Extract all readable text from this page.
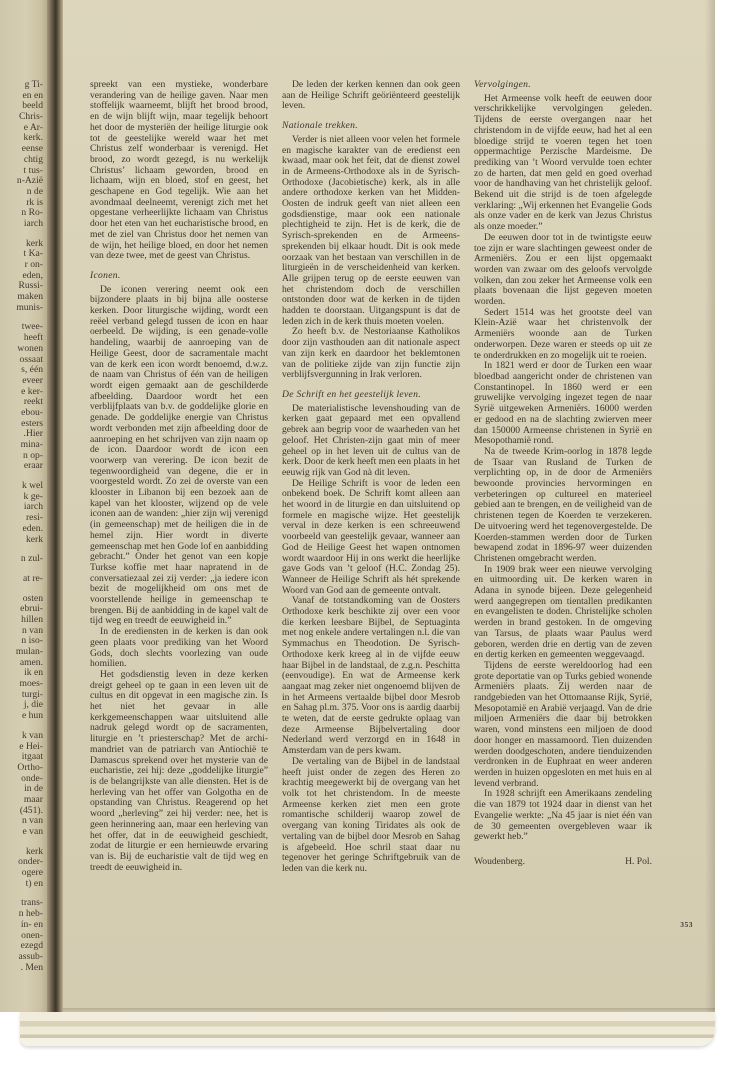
g Ti-
en en
beeld
Chris-
e Ar-
kerk.
eense
chtig
t tus-
n-Azië
n de
rk is
n Ro-
iarch
kerk
t Ka-
r on-
eden,
Russi-
maken
munis-
twee-
heeft
wonen
ossaat
s, één
eveer
e ker-
reekt
ebou-
esters
.Hier
mina-
n op-
eraar
k wel
k ge-
iarch
resi-
eden.
kerk
n zul-
at re-
osten
ebrui-
hillen
n van
n iso-
mulan-
amen.
ik en
moes-
turgi-
j, die
e hun
k van
e Hei-
itgaat
Ortho-
onde-
in de
maar
(451).
n van
e van
kerk
onder-
ogere
t) en
trans-
n heb-
ín- en
onen-
ezegd
assub-
. Men

spreekt van een mystieke, wonderbare verandering van de heilige gaven. Naar men stoffelijk waarneemt, blijft het brood brood, en de wijn blijft wijn, maar tegelijk behoort het door de mysteriën der heilige liturgie ook tot de geestelijke wereld waar het met Christus zelf wonderbaar is verenigd. Het brood, zo wordt gezegd, is nu werkelijk Christus’ lichaam geworden, brood en lichaam, wijn en bloed, stof en geest, het geschapene en God tegelijk. Wie aan het avondmaal deelneemt, verenigt zich met het opgestane verheerlijkte lichaam van Christus door het eten van het eucharistische brood, en met de ziel van Christus door het nemen van de wijn, het heilige bloed, en door het nemen van deze twee, met de geest van Christus.

Iconen.

De iconen verering neemt ook een bijzondere plaats in bij bijna alle oosterse kerken. Door liturgische wijding, wordt een reëel verband gelegd tussen de icon en haar oerbeeld. De wijding, is een genade-volle handeling, waarbij de aanroeping van de Heilige Geest, door de sacramentale macht van de kerk een icon wordt benoemd, d.w.z. de naam van Christus of één van de heiligen wordt eigen gemaakt aan de geschilderde afbeelding. Daardoor wordt het een verblijfplaats van b.v. de goddelijke glorie en genade. De goddelijke energie van Christus wordt verbonden met zijn afbeelding door de aanroeping en het schrijven van zijn naam op de icon. Daardoor wordt de icon een voorwerp van verering. De icon bezit de tegenwoordigheid van degene, die er in voorgesteld wordt. Zo zei de overste van een klooster in Libanon bij een bezoek aan de kapel van het klooster, wijzend op de vele iconen aan de wanden: „hier zijn wij verenigd (in gemeenschap) met de heiligen die in de hemel zijn. Hier wordt in diverte gemeenschap met hen Gode lof en aanbidding gebracht.” Onder het genot van een kopje Turkse koffie met haar napratend in de conversatiezaal zei zij verder: „ja iedere icon bezit de mogelijkheid om ons met de voorstellende heilige in gemeenschap te brengen. Bij de aanbidding in de kapel valt de tijd weg en treedt de eeuwigheid in.”

In de erediensten in de kerken is dan ook geen plaats voor prediking van het Woord Gods, doch slechts voorlezing van oude homilien.

Het godsdienstig leven in deze kerken dreigt geheel op te gaan in een leven uit de cultus en dit opgevat in een magische zin. Is het niet het gevaar in alle kerkgemeenschappen waar uitsluitend alle nadruk gelegd wordt op de sacramenten, liturgie en ’t priesterschap? Met de archi-mandriet van de patriarch van Antiochië te Damascus sprekend over het mysterie van de eucharistie, zei hij: deze „goddelijke liturgie” is de belangrijkste van alle diensten. Het is de herleving van het offer van Golgotha en de opstanding van Christus. Reagerend op het woord „herleving” zei hij verder: nee, het is geen herinnering aan, maar een herleving van het offer, dat in de eeuwigheid geschiedt, zodat de liturgie er een hernieuwde ervaring van is. Bij de eucharistie valt de tijd weg en treedt de eeuwigheid in.

De leden der kerken kennen dan ook geen aan de Heilige Schrift geöriënteerd geestelijk leven.

Nationale trekken.

Verder is niet alleen voor velen het formele en magische karakter van de eredienst een kwaad, maar ook het feit, dat de dienst zowel in de Armeens-Orthodoxe als in de Syrisch-Orthodoxe (Jacobietische) kerk, als in alle andere orthodoxe kerken van het Midden-Oosten de indruk geeft van niet alleen een godsdienstige, maar ook een nationale plechtigheid te zijn. Het is de kerk, die de Syrisch-sprekenden en de Armeens-sprekenden bij elkaar houdt. Dit is ook mede oorzaak van het bestaan van verschillen in de liturgieën in de verscheidenheid van kerken. Alle grijpen terug op de eerste eeuwen van het christendom doch de verschillen ontstonden door wat de kerken in de tijden hadden te doorstaan. Uitgangspunt is dat de leden zich in de kerk thuis moeten voelen.

Zo heeft b.v. de Nestoriaanse Katholikos door zijn vasthouden aan dit nationale aspect van zijn kerk en daardoor het beklemtonen van de politieke zijde van zijn functie zijn verblijfsvergunning in Irak verloren.

De Schrift en het geestelijk leven.

De materialistische levenshouding van de kerken gaat gepaard met een opvallend gebrek aan begrip voor de waarheden van het geloof. Het Christen-zijn gaat min of meer geheel op in het leven uit de cultus van de kerk. Door de kerk heeft men een plaats in het eeuwig rijk van God nà dit leven.

De Heilige Schrift is voor de leden een onbekend boek. De Schrift komt alleen aan het woord in de liturgie en dan uitsluitend op formele en magische wijze. Het geestelijk verval in deze kerken is een schreeuwend voorbeeld van geestelijk gevaar, wanneer aan God de Heilige Geest het wapen ontnomen wordt waardoor Hij in ons werkt die heerlijke gave Gods van ’t geloof (H.C. Zondag 25). Wanneer de Heilige Schrift als hét sprekende Woord van God aan de gemeente ontvalt.

Vanaf de totstandkoming van de Oosters Orthodoxe kerk beschikte zij over een voor die kerken leesbare Bijbel, de Septuaginta met nog enkele andere vertalingen n.l. die van Symmachus en Theodotion. De Syrisch-Orthodoxe kerk kreeg al in de vijfde eeuw haar Bijbel in de landstaal, de z.g.n. Peschitta (eenvoudige). En wat de Armeense kerk aangaat mag zeker niet ongenoemd blijven de in het Armeens vertaalde bijbel door Mesrob en Sahag pl.m. 375. Voor ons is aardig daarbij te weten, dat de eerste gedrukte oplaag van deze Armeense Bijbelvertaling door Nederland werd verzorgd en in 1648 in Amsterdam van de pers kwam.

De vertaling van de Bijbel in de landstaal heeft juist onder de zegen des Heren zo krachtig meegewerkt bij de overgang van het volk tot het christendom. In de meeste Armeense kerken ziet men een grote romantische schilderij waarop zowel de overgang van koning Tiridates als ook de vertaling van de bijbel door Mesrob en Sahag is afgebeeld. Hoe schril staat daar nu tegenover het geringe Schriftgebruik van de leden van die kerk nu.

Vervolgingen.

Het Armeense volk heeft de eeuwen door verschrikkelijke vervolgingen geleden. Tijdens de eerste overgangen naar het christendom in de vijfde eeuw, had het al een bloedige strijd te voeren tegen het toen oppermachtige Perzische Mardeisme. De prediking van ’t Woord vervulde toen echter zo de harten, dat men geld en goed overhad voor de handhaving van het christelijk geloof. Bekend uit die strijd is de toen afgelegde verklaring: „Wij erkennen het Evangelie Gods als onze vader en de kerk van Jezus Christus als onze moeder.”

De eeuwen door tot in de twintigste eeuw toe zijn er ware slachtingen geweest onder de Armeniërs. Zou er een lijst opgemaakt worden van zwaar om des geloofs vervolgde volken, dan zou zeker het Armeense volk een plaats bovenaan die lijst gegeven moeten worden.

Sedert 1514 was het grootste deel van Klein-Azië waar het christenvolk der Armeniërs woonde aan de Turken onderworpen. Deze waren er steeds op uit ze te onderdrukken en zo mogelijk uit te roeien.

In 1821 werd er door de Turken een waar bloedbad aangericht onder de christenen van Constantinopel. In 1860 werd er een gruwelijke vervolging ingezet tegen de naar Syrië uitgeweken Armeniërs. 16000 werden er gedood en na de slachting zwierven meer dan 150000 Armeense christenen in Syrië en Mesopothamië rond.

Na de tweede Krim-oorlog in 1878 legde de Tsaar van Rusland de Turken de verplichting op, in de door de Armeniërs bewoonde provincies hervormingen en verbeteringen op cultureel en materieel gebied aan te brengen, en de veiligheid van de christenen tegen de Koerden te verzekeren. De uitvoering werd het tegenovergestelde. De Koerden-stammen werden door de Turken bewapend zodat in 1896-97 weer duizenden Christenen omgebracht werden.

In 1909 brak weer een nieuwe vervolging en uitmoording uit. De kerken waren in Adana in synode bijeen. Deze gelegenheid werd aangegrepen om tientallen predikanten en evangelisten te doden. Christelijke scholen werden in brand gestoken. In de omgeving van Tarsus, de plaats waar Paulus werd geboren, werden drie en dertig van de zeven en dertig kerken en gemeenten weggevaagd.

Tijdens de eerste wereldoorlog had een grote deportatie van op Turks gebied wonende Armeniërs plaats. Zij werden naar de randgebieden van het Ottomaanse Rijk, Syrië, Mesopotamië en Arabië verjaagd. Van de drie miljoen Armeniërs die daar bij betrokken waren, vond minstens een miljoen de dood door honger en massamoord. Tien duizenden werden doodgeschoten, andere tienduizenden verdronken in de Euphraat en weer anderen werden in huizen opgesloten en met huis en al levend verbrand.

In 1928 schrijft een Amerikaans zendeling die van 1879 tot 1924 daar in dienst van het Evangelie werkte: „Na 45 jaar is niet één van de 30 gemeenten overgebleven waar ik gewerkt heb.”

Woudenberg.	H. Pol.
353
